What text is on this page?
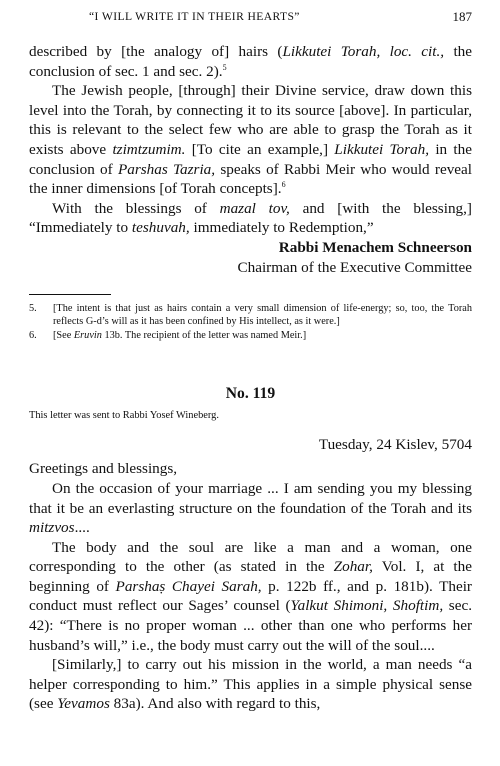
“I WILL WRITE IT IN THEIR HEARTS”	187

described by [the analogy of] hairs (Likkutei Torah, loc. cit., the conclusion of sec. 1 and sec. 2).$^5$

The Jewish people, [through] their Divine service, draw down this level into the Torah, by connecting it to its source [above]. In particular, this is relevant to the select few who are able to grasp the Torah as it exists above tzimtzumim. [To cite an example,] Likkutei Torah, in the conclusion of Parshas Tazria, speaks of Rabbi Meir who would reveal the inner dimensions [of Torah concepts].$^6$

With the blessings of mazal tov, and [with the blessing,] “Immediately to teshuvah, immediately to Redemption,”

Rabbi Menachem Schneerson
Chairman of the Executive Committee
5.	[The intent is that just as hairs contain a very small dimension of life-energy; so, too, the Torah reflects G-d’s will as it has been confined by His intellect, as it were.]
6.	[See Eruvin 13b. The recipient of the letter was named Meir.]
No. 119
This letter was sent to Rabbi Yosef Wineberg.
Tuesday, 24 Kislev, 5704
Greetings and blessings,

On the occasion of your marriage ... I am sending you my blessing that it be an everlasting structure on the foundation of the Torah and its mitzvos....

The body and the soul are like a man and a woman, one corresponding to the other (as stated in the Zohar, Vol. I, at the beginning of Parshaṣ Chayei Sarah, p. 122b ff., and p. 181b). Their conduct must reflect our Sages’ counsel (Yalkut Shimoni, Shoftim, sec. 42): “There is no proper woman ... other than one who performs her husband’s will,” i.e., the body must carry out the will of the soul....

[Similarly,] to carry out his mission in the world, a man needs “a helper corresponding to him.” This applies in a simple physical sense (see Yevamos 83a). And also with regard to this,
